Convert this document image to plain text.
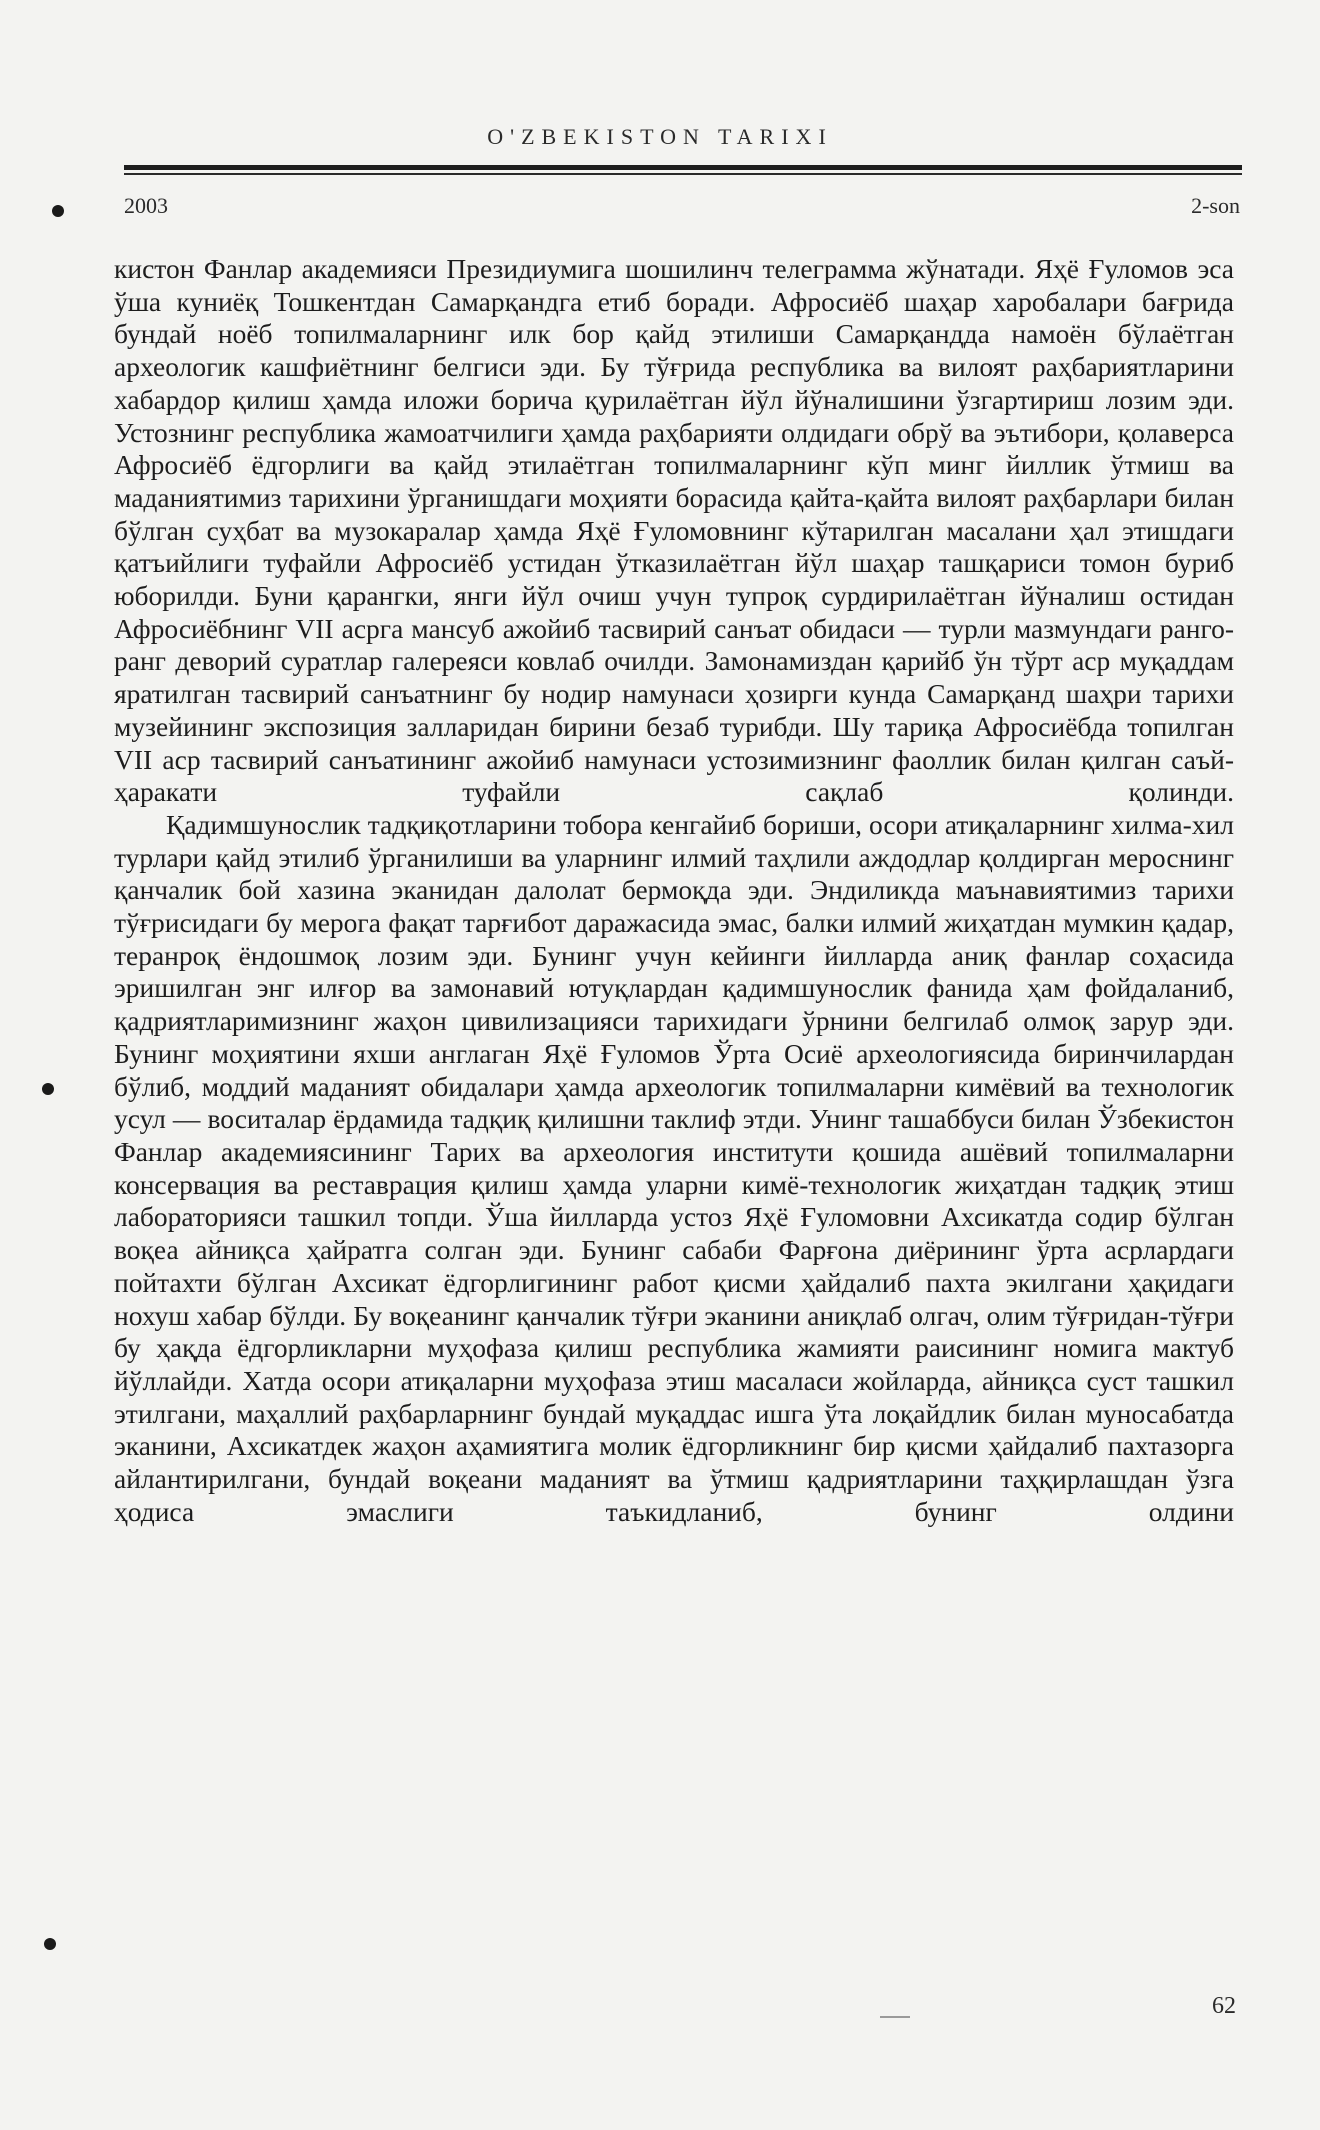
O'ZBEKISTON TARIXI
2003	2-son

кистон Фанлар академияси Президиумига шошилинч телеграмма жўнатади. Яҳё Ғуломов эса ўша куниёқ Тошкентдан Самарқандга етиб боради. Афросиёб шаҳар харобалари бағрида бундай ноёб топилмаларнинг илк бор қайд этилиши Самарқандда намоён бўлаётган археологик кашфиётнинг белгиси эди. Бу тўғрида республика ва вилоят раҳбариятларини хабардор қилиш ҳамда иложи борича қурилаётган йўл йўналишини ўзгартириш лозим эди. Устознинг республика жамоатчилиги ҳамда раҳбарияти олдидаги обрў ва эътибори, қолаверса Афросиёб ёдгорлиги ва қайд этилаётган топилмаларнинг кўп минг йиллик ўтмиш ва маданиятимиз тарихини ўрганишдаги моҳияти борасида қайта-қайта вилоят раҳбарлари билан бўлган суҳбат ва музокаралар ҳамда Яҳё Ғуломовнинг кўтарилган масалани ҳал этишдаги қатъийлиги туфайли Афросиёб устидан ўтказилаётган йўл шаҳар ташқариси томон буриб юборилди. Буни қарангки, янги йўл очиш учун тупроқ сурдирилаётган йўналиш остидан Афросиёбнинг VII асрга мансуб ажойиб тасвирий санъат обидаси — турли мазмундаги ранго-ранг деворий суратлар галереяси ковлаб очилди. Замонамиздан қарийб ўн тўрт аср муқаддам яратилган тасвирий санъатнинг бу нодир намунаси ҳозирги кунда Самарқанд шаҳри тарихи музейининг экспозиция залларидан бирини безаб турибди. Шу тариқа Афросиёбда топилган VII аср тасвирий санъатининг ажойиб намунаси устозимизнинг фаоллик билан қилган саъй-ҳаракати туфайли сақлаб қолинди.

Қадимшунослик тадқиқотларини тобора кенгайиб бориши, осори атиқаларнинг хилма-хил турлари қайд этилиб ўрганилиши ва уларнинг илмий таҳлили аждодлар қолдирган мероснинг қанчалик бой хазина эканидан далолат бермоқда эди. Эндиликда маънавиятимиз тарихи тўғрисидаги бу мерога фақат тарғибот даражасида эмас, балки илмий жиҳатдан мумкин қадар, теранроқ ёндошмоқ лозим эди. Бунинг учун кейинги йилларда аниқ фанлар соҳасида эришилган энг илғор ва замонавий ютуқлардан қадимшунослик фанида ҳам фойдаланиб, қадриятларимизнинг жаҳон цивилизацияси тарихидаги ўрнини белгилаб олмоқ зарур эди. Бунинг моҳиятини яхши англаган Яҳё Ғуломов Ўрта Осиё археологиясида биринчилардан бўлиб, моддий маданият обидалари ҳамда археологик топилмаларни кимёвий ва технологик усул — воситалар ёрдамида тадқиқ қилишни таклиф этди. Унинг ташаббуси билан Ўзбекистон Фанлар академиясининг Тарих ва археология институти қошида ашёвий топилмаларни консервация ва реставрация қилиш ҳамда уларни кимё-технологик жиҳатдан тадқиқ этиш лабораторияси ташкил топди. Ўша йилларда устоз Яҳё Ғуломовни Ахсикатда содир бўлган воқеа айниқса ҳайратга солган эди. Бунинг сабаби Фарғона диёрининг ўрта асрлардаги пойтахти бўлган Ахсикат ёдгорлигининг работ қисми ҳайдалиб пахта экилгани ҳақидаги нохуш хабар бўлди. Бу воқеанинг қанчалик тўғри эканини аниқлаб олгач, олим тўғридан-тўғри бу ҳақда ёдгорликларни муҳофаза қилиш республика жамияти раисининг номига мактуб йўллайди. Хатда осори атиқаларни муҳофаза этиш масаласи жойларда, айниқса суст ташкил этилгани, маҳаллий раҳбарларнинг бундай муқаддас ишга ўта лоқайдлик билан муносабатда эканини, Ахсикатдек жаҳон аҳамиятига молик ёдгорликнинг бир қисми ҳайдалиб пахтазорга айлантирилгани, бундай воқеани маданият ва ўтмиш қадриятларини таҳқирлашдан ўзга ҳодиса эмаслиги таъкидланиб, бунинг олдини

62
